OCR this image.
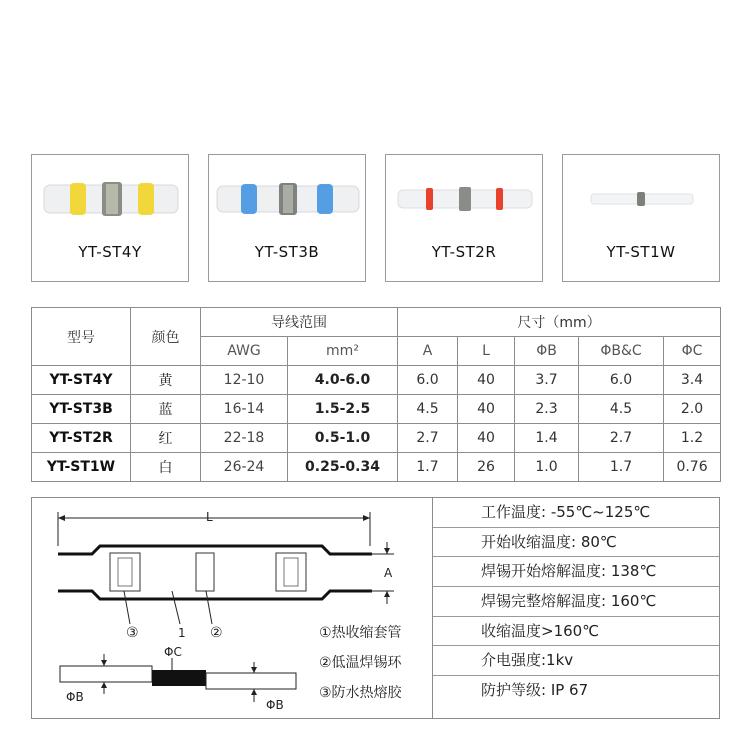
YT-ST4Y	YT-ST3B	YT-ST2R	YT-ST1W
型号	颜色	导线范围		尺寸（mm）				
		AWG	mm²	A	L	ΦB	ΦB&C	ΦC
YT-ST4Y	黄	12-10	4.0-6.0	6.0	40	3.7	6.0	3.4
YT-ST3B	蓝	16-14	1.5-2.5	4.5	40	2.3	4.5	2.0
YT-ST2R	红	22-18	0.5-1.0	2.7	40	1.4	2.7	1.2
YT-ST1W	白	26-24	0.25-0.34	1.7	26	1.0	1.7	0.76
L
A
③	1 ②
ΦB
ΦC
ΦB
①热收缩套管
②低温焊锡环
③防水热熔胶
工作温度: -55℃~125℃
开始收缩温度: 80℃
焊锡开始熔解温度: 138℃
焊锡完整熔解温度: 160℃
收缩温度>160℃
介电强度:1kv
防护等级: IP 67
